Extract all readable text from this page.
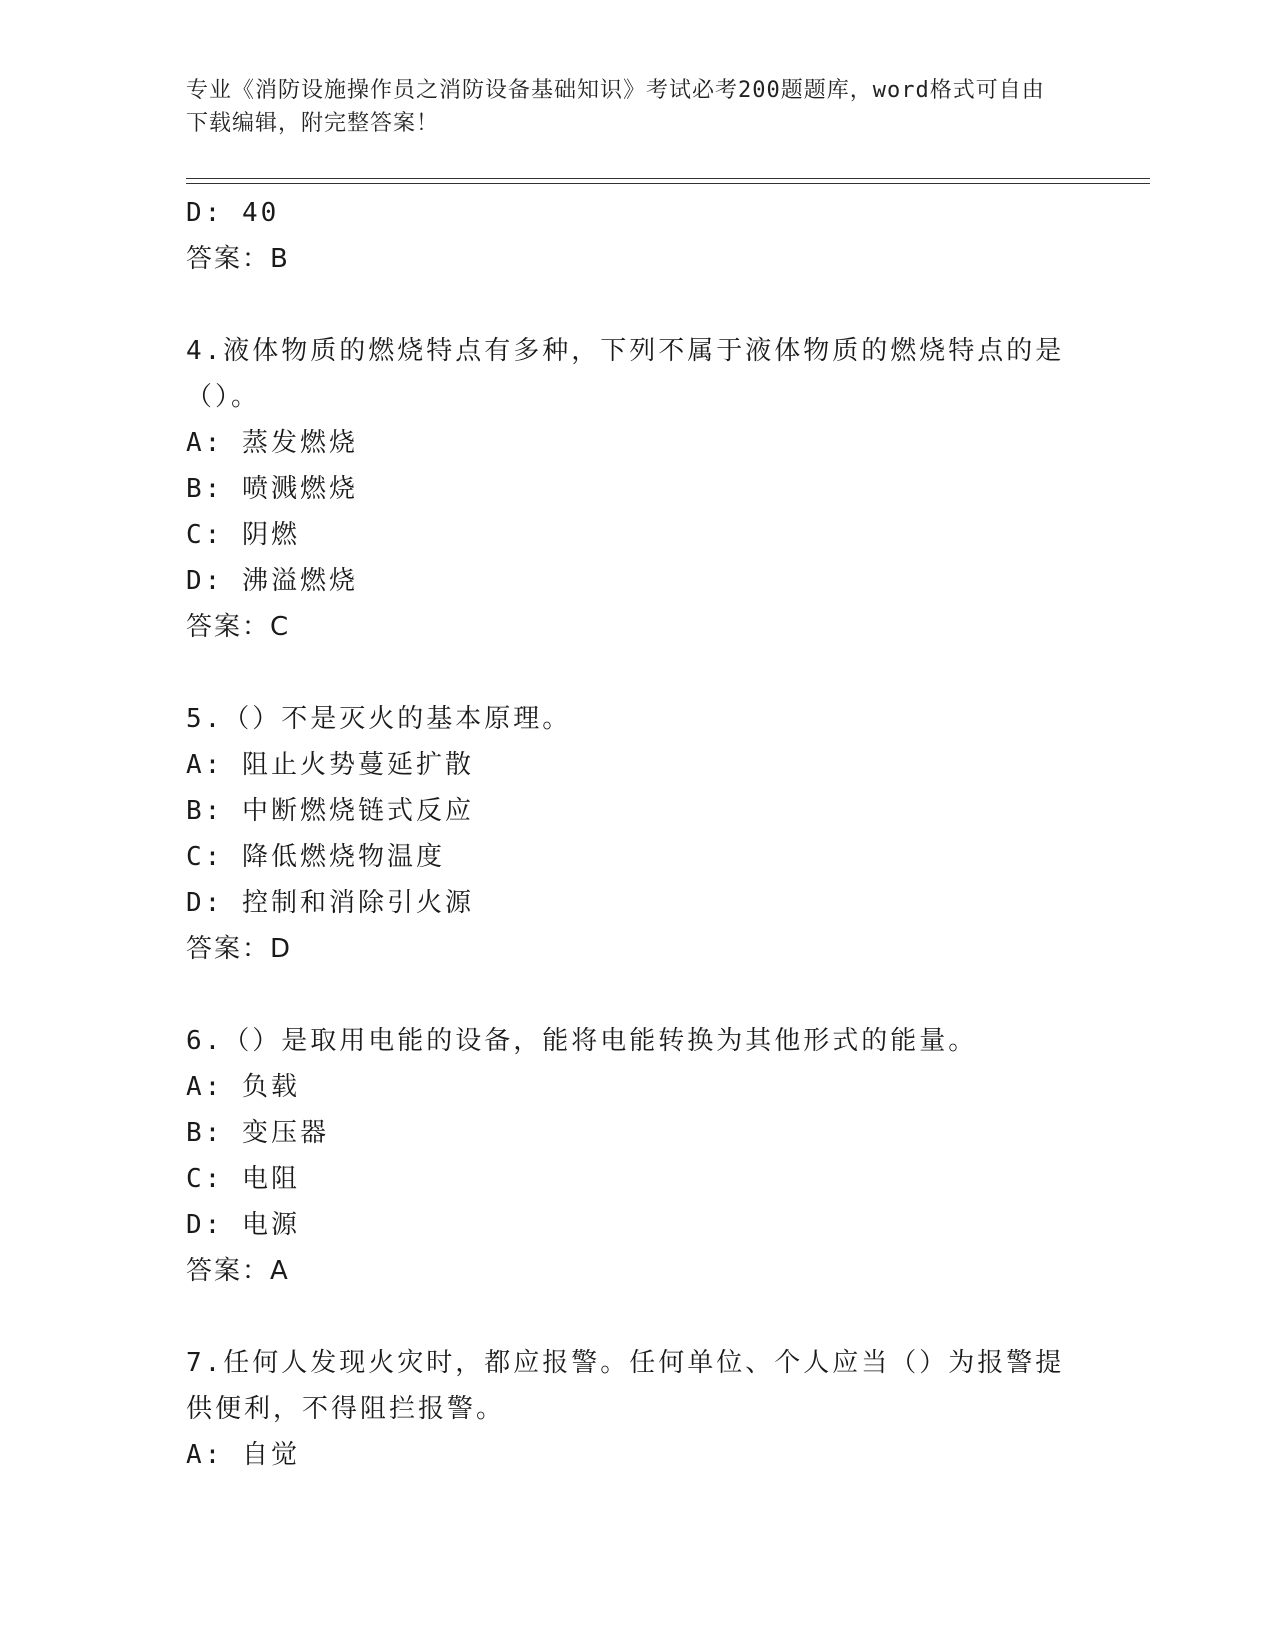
专业《消防设施操作员之消防设备基础知识》考试必考200题题库，word格式可自由下载编辑，附完整答案！
D: 40
答案：B
4.液体物质的燃烧特点有多种，下列不属于液体物质的燃烧特点的是（）。
A: 蒸发燃烧
B: 喷溅燃烧
C: 阴燃
D: 沸溢燃烧
答案：C
5.（）不是灭火的基本原理。
A: 阻止火势蔓延扩散
B: 中断燃烧链式反应
C: 降低燃烧物温度
D: 控制和消除引火源
答案：D
6.（）是取用电能的设备，能将电能转换为其他形式的能量。
A: 负载
B: 变压器
C: 电阻
D: 电源
答案：A
7.任何人发现火灾时，都应报警。任何单位、个人应当（）为报警提供便利，不得阻拦报警。
A: 自觉
